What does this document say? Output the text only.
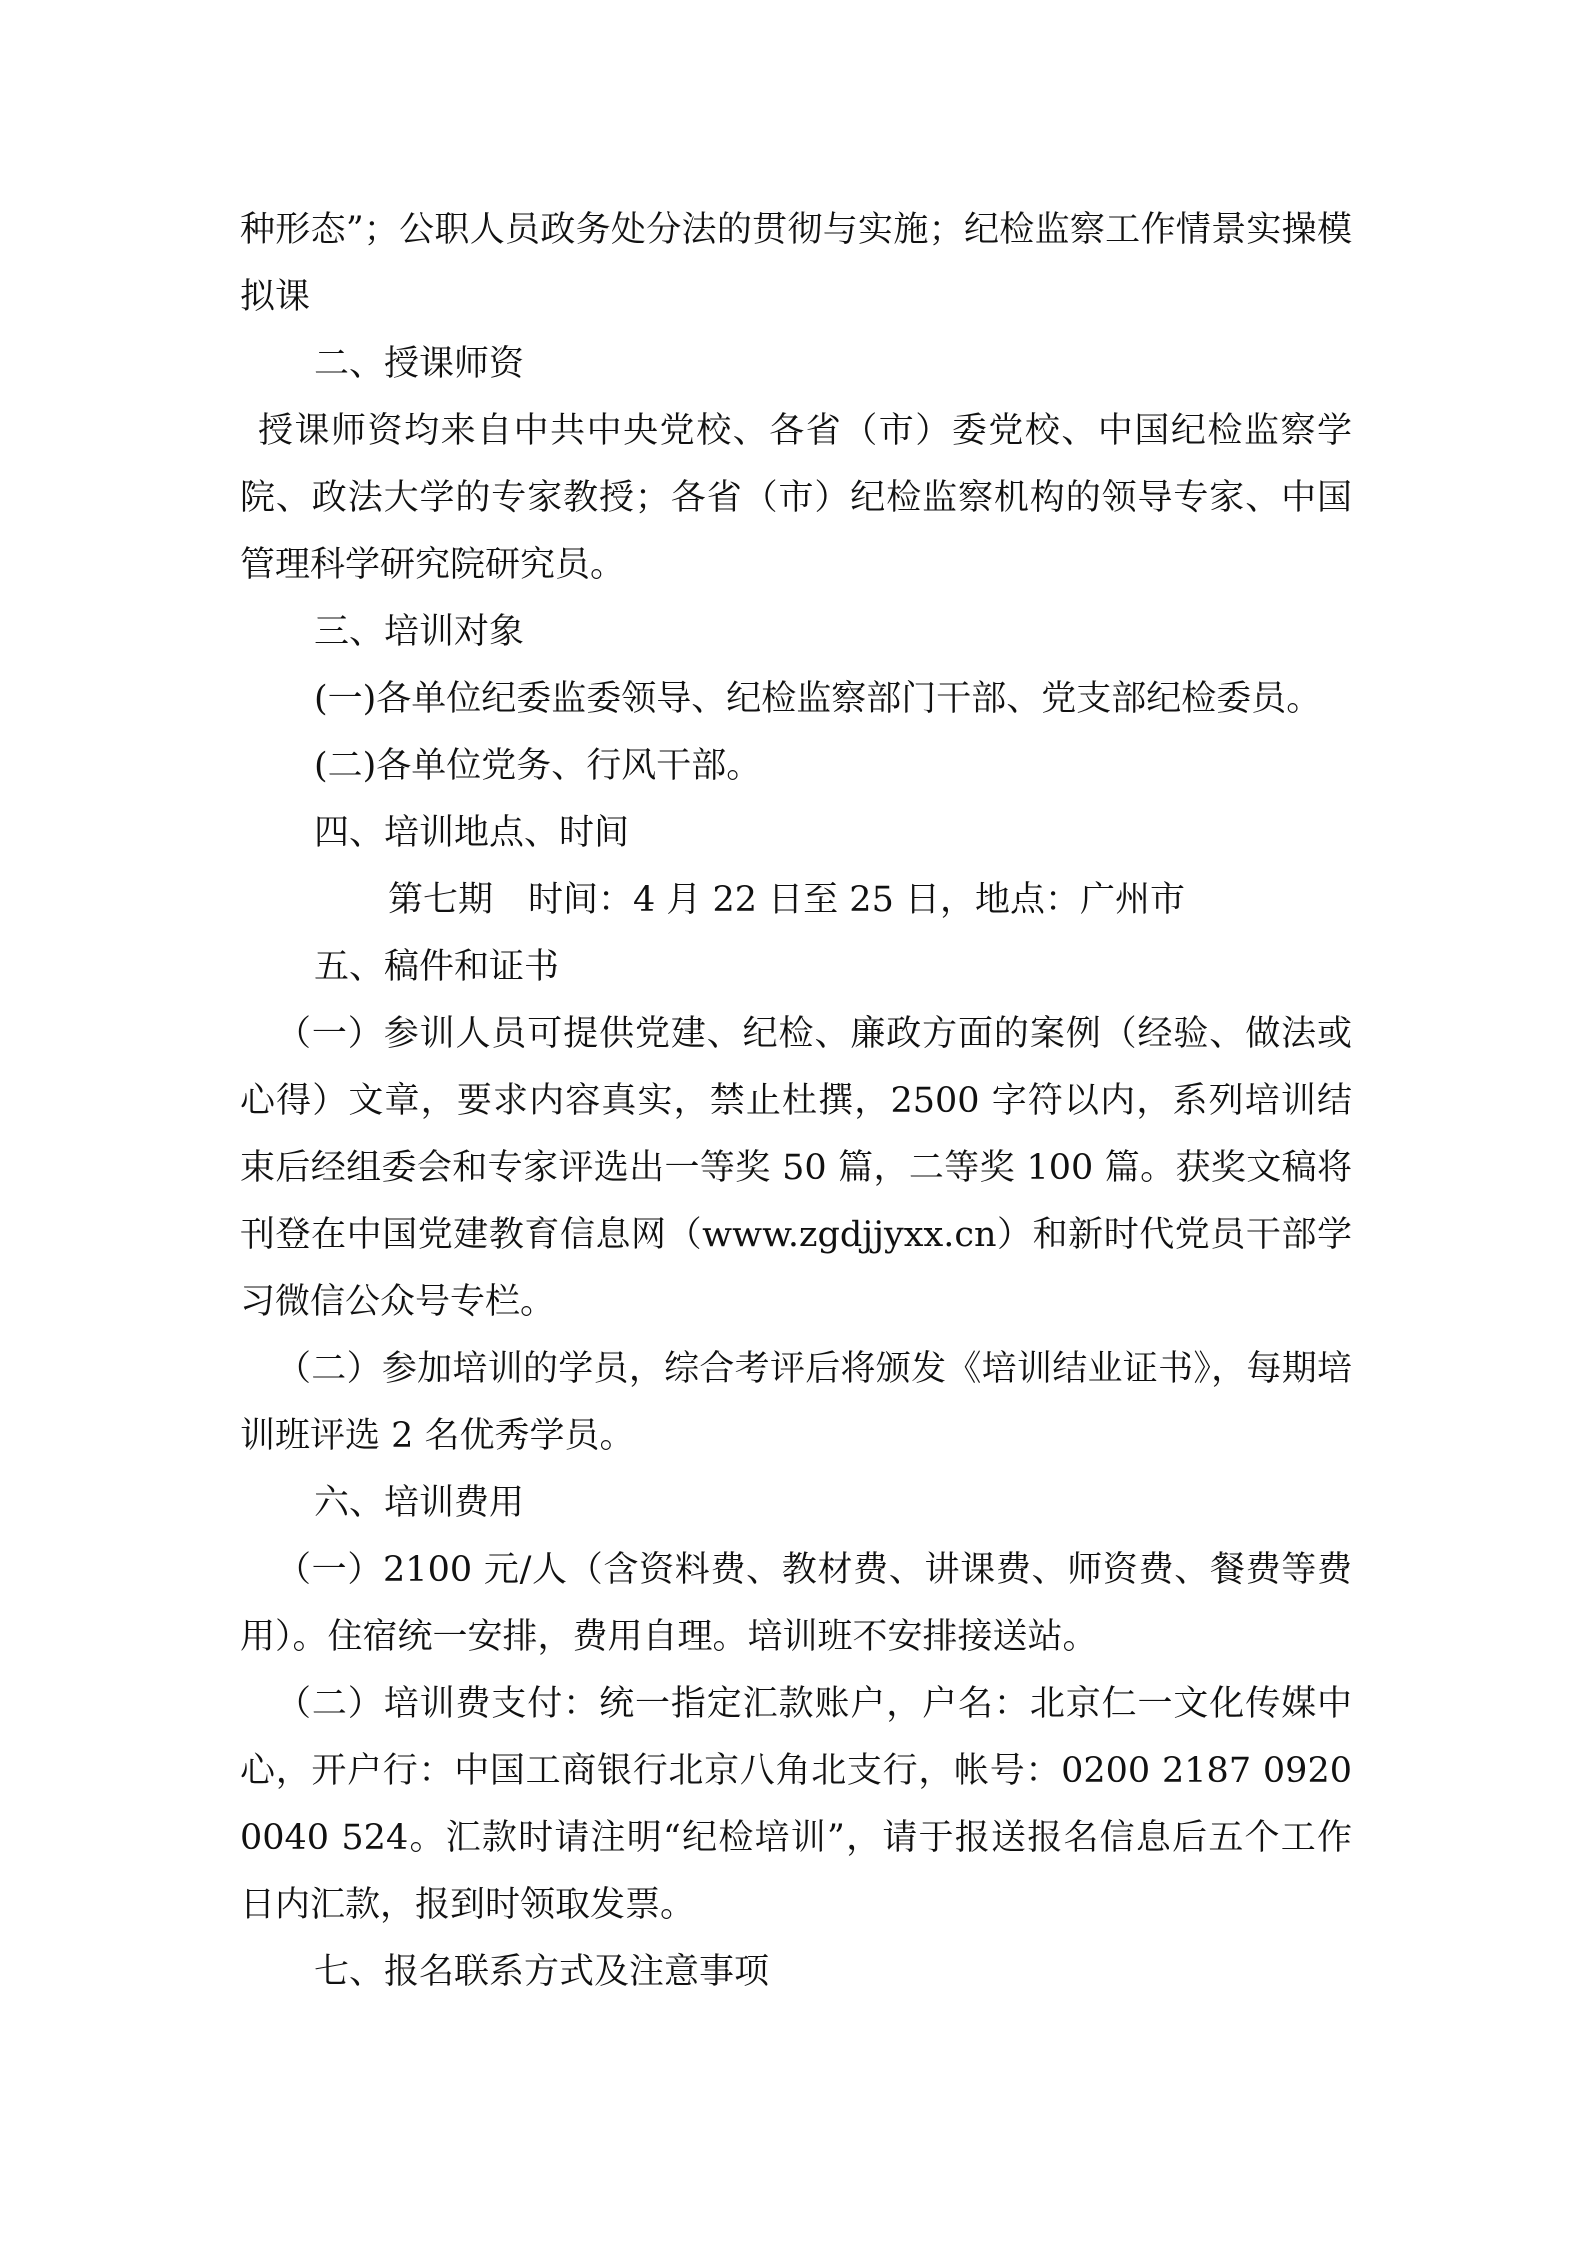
种形态”；公职人员政务处分法的贯彻与实施；纪检监察工作情景实操模拟课

二、授课师资

授课师资均来自中共中央党校、各省（市）委党校、中国纪检监察学院、政法大学的专家教授；各省（市）纪检监察机构的领导专家、中国管理科学研究院研究员。

三、培训对象

(一)各单位纪委监委领导、纪检监察部门干部、党支部纪检委员。

(二)各单位党务、行风干部。

四、培训地点、时间

第七期　时间：4 月 22 日至 25 日，地点：广州市

五、稿件和证书

（一）参训人员可提供党建、纪检、廉政方面的案例（经验、做法或心得）文章，要求内容真实，禁止杜撰，2500 字符以内，系列培训结束后经组委会和专家评选出一等奖 50 篇，二等奖 100 篇。获奖文稿将刊登在中国党建教育信息网（www.zgdjjyxx.cn）和新时代党员干部学习微信公众号专栏。

（二）参加培训的学员，综合考评后将颁发《培训结业证书》，每期培训班评选 2 名优秀学员。

六、培训费用

（一）2100 元/人（含资料费、教材费、讲课费、师资费、餐费等费用）。住宿统一安排，费用自理。培训班不安排接送站。

（二）培训费支付：统一指定汇款账户，户名：北京仁一文化传媒中心，开户行：中国工商银行北京八角北支行，帐号：0200 2187 0920 0040 524。汇款时请注明“纪检培训”，请于报送报名信息后五个工作日内汇款，报到时领取发票。

七、报名联系方式及注意事项
